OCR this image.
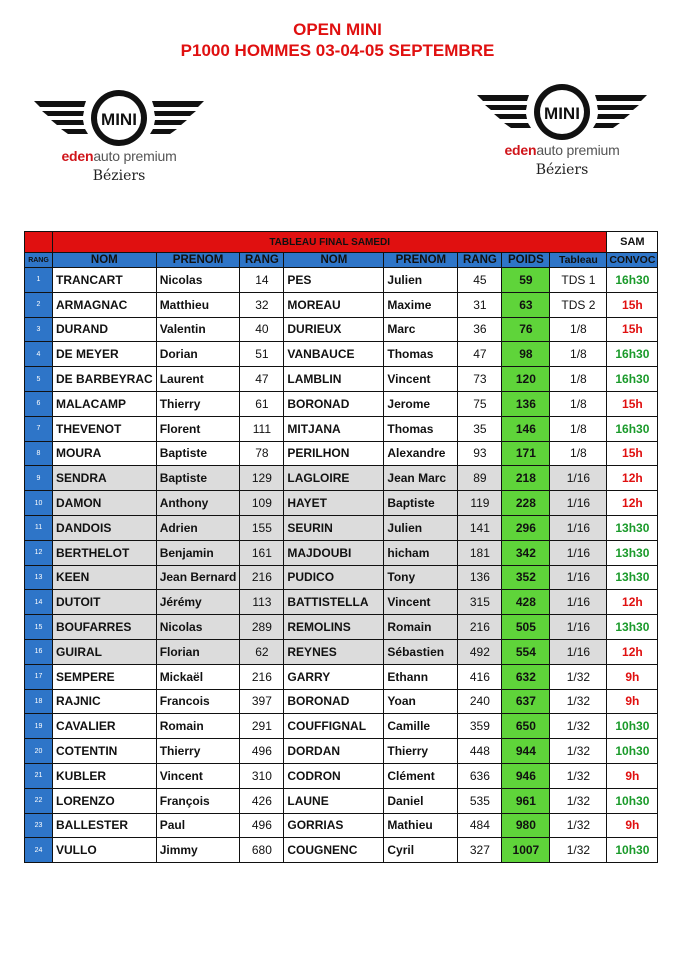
OPEN MINI
P1000 HOMMES 03-04-05 SEPTEMBRE
MINI
edenauto premium
Béziers
MINI
edenauto premium
Béziers
	TABLEAU FINAL SAMEDI								SAM
RANG	NOM	PRENOM	RANG	NOM	PRENOM	RANG	POIDS	Tableau	CONVOC
1	TRANCART	Nicolas	14	PES	Julien	45	59	TDS 1	16h30
2	ARMAGNAC	Matthieu	32	MOREAU	Maxime	31	63	TDS 2	15h
3	DURAND	Valentin	40	DURIEUX	Marc	36	76	1/8	15h
4	DE MEYER	Dorian	51	VANBAUCE	Thomas	47	98	1/8	16h30
5	DE BARBEYRAC	Laurent	47	LAMBLIN	Vincent	73	120	1/8	16h30
6	MALACAMP	Thierry	61	BORONAD	Jerome	75	136	1/8	15h
7	THEVENOT	Florent	111	MITJANA	Thomas	35	146	1/8	16h30
8	MOURA	Baptiste	78	PERILHON	Alexandre	93	171	1/8	15h
9	SENDRA	Baptiste	129	LAGLOIRE	Jean Marc	89	218	1/16	12h
10	DAMON	Anthony	109	HAYET	Baptiste	119	228	1/16	12h
11	DANDOIS	Adrien	155	SEURIN	Julien	141	296	1/16	13h30
12	BERTHELOT	Benjamin	161	MAJDOUBI	hicham	181	342	1/16	13h30
13	KEEN	Jean Bernard	216	PUDICO	Tony	136	352	1/16	13h30
14	DUTOIT	Jérémy	113	BATTISTELLA	Vincent	315	428	1/16	12h
15	BOUFARRES	Nicolas	289	REMOLINS	Romain	216	505	1/16	13h30
16	GUIRAL	Florian	62	REYNES	Sébastien	492	554	1/16	12h
17	SEMPERE	Mickaël	216	GARRY	Ethann	416	632	1/32	9h
18	RAJNIC	Francois	397	BORONAD	Yoan	240	637	1/32	9h
19	CAVALIER	Romain	291	COUFFIGNAL	Camille	359	650	1/32	10h30
20	COTENTIN	Thierry	496	DORDAN	Thierry	448	944	1/32	10h30
21	KUBLER	Vincent	310	CODRON	Clément	636	946	1/32	9h
22	LORENZO	François	426	LAUNE	Daniel	535	961	1/32	10h30
23	BALLESTER	Paul	496	GORRIAS	Mathieu	484	980	1/32	9h
24	VULLO	Jimmy	680	COUGNENC	Cyril	327	1007	1/32	10h30
